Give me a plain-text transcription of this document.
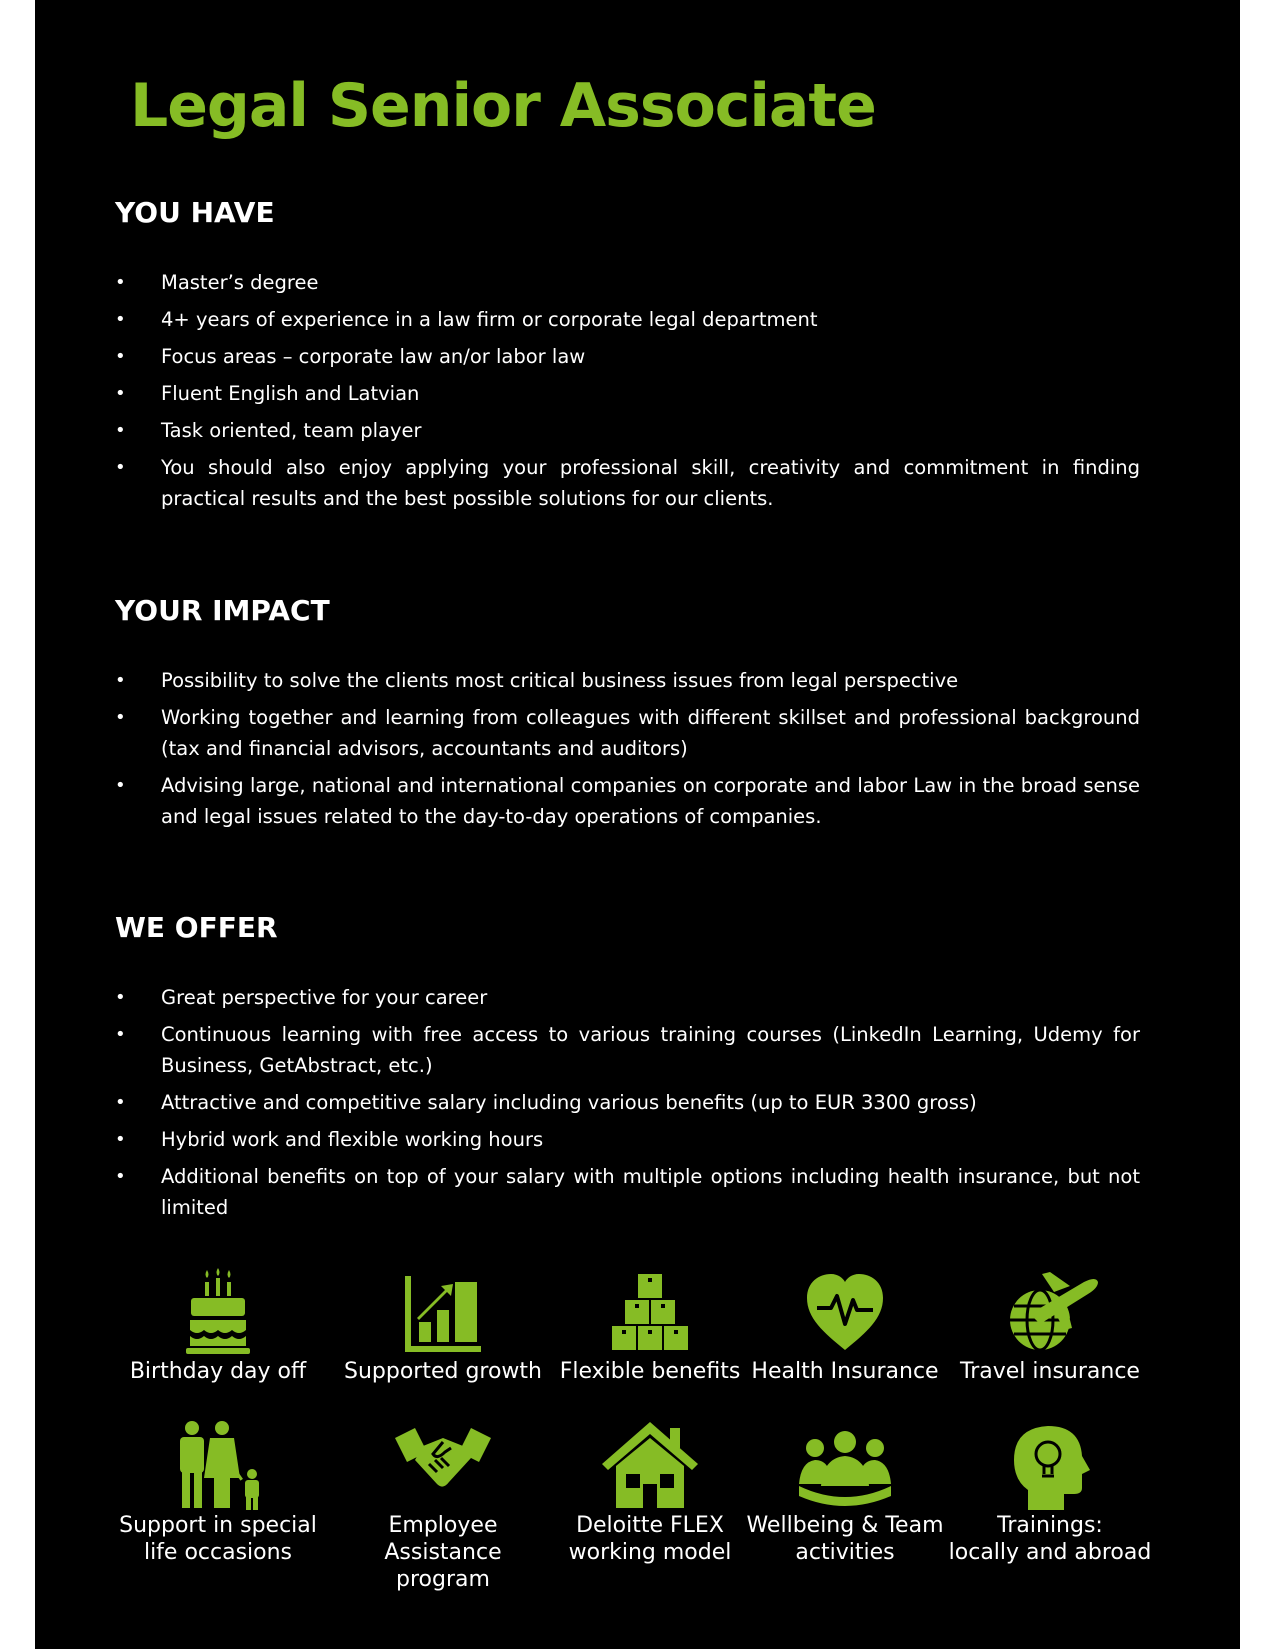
Legal Senior Associate
YOU HAVE
• Master’s degree
• 4+ years of experience in a law firm or corporate legal department
• Focus areas – corporate law an/or labor law
• Fluent English and Latvian
• Task oriented, team player
• You should also enjoy applying your professional skill, creativity and commitment in finding practical results and the best possible solutions for our clients.
YOUR IMPACT
• Possibility to solve the clients most critical business issues from legal perspective
• Working together and learning from colleagues with different skillset and professional background (tax and financial advisors, accountants and auditors)
• Advising large, national and international companies on corporate and labor Law in the broad sense and legal issues related to the day-to-day operations of companies.
WE OFFER
• Great perspective for your career
• Continuous learning with free access to various training courses (LinkedIn Learning, Udemy for Business, GetAbstract, etc.)
• Attractive and competitive salary including various benefits (up to EUR 3300 gross)
• Hybrid work and flexible working hours
• Additional benefits on top of your salary with multiple options including health insurance, but not limited
Birthday day off	Supported growth Flexible benefits Health Insurance Travel insurance
Support in special
life occasions
Employee Assistance
program
Deloitte FLEX
working model
Wellbeing & Team
activities
Trainings:
locally and abroad
